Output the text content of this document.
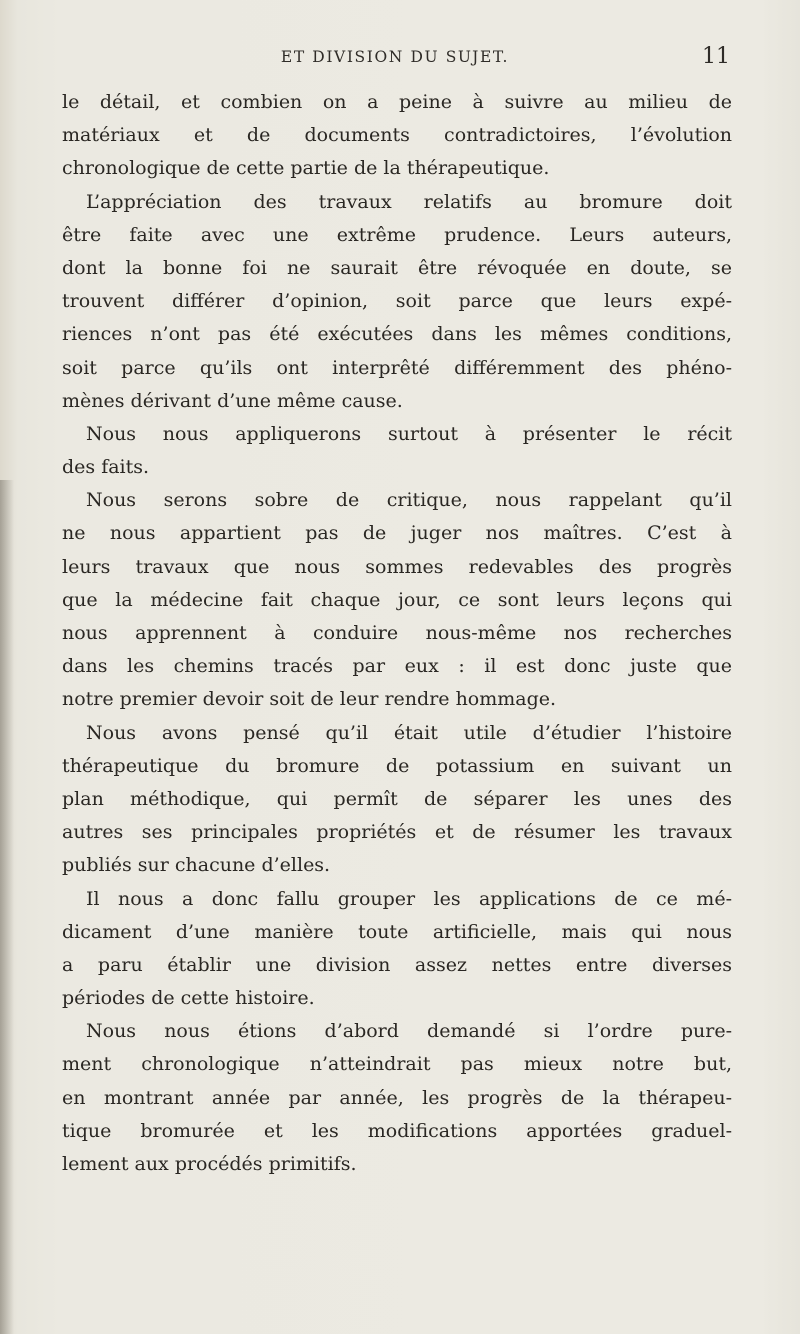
ET DIVISION DU SUJET.	11
le détail, et combien on a peine à suivre au milieu de
matériaux et de documents contradictoires, l’évolution
chronologique de cette partie de la thérapeutique.
L’appréciation des travaux relatifs au bromure doit
être faite avec une extrême prudence. Leurs auteurs,
dont la bonne foi ne saurait être révoquée en doute, se
trouvent différer d’opinion, soit parce que leurs expé-
riences n’ont pas été exécutées dans les mêmes conditions,
soit parce qu’ils ont interprêté différemment des phéno-
mènes dérivant d’une même cause.
Nous nous appliquerons surtout à présenter le récit
des faits.
Nous serons sobre de critique, nous rappelant qu’il
ne nous appartient pas de juger nos maîtres. C’est à
leurs travaux que nous sommes redevables des progrès
que la médecine fait chaque jour, ce sont leurs leçons qui
nous apprennent à conduire nous-même nos recherches
dans les chemins tracés par eux : il est donc juste que
notre premier devoir soit de leur rendre hommage.
Nous avons pensé qu’il était utile d’étudier l’histoire
thérapeutique du bromure de potassium en suivant un
plan méthodique, qui permît de séparer les unes des
autres ses principales propriétés et de résumer les travaux
publiés sur chacune d’elles.
Il nous a donc fallu grouper les applications de ce mé-
dicament d’une manière toute artificielle, mais qui nous
a paru établir une division assez nettes entre diverses
périodes de cette histoire.
Nous nous étions d’abord demandé si l’ordre pure-
ment chronologique n’atteindrait pas mieux notre but,
en montrant année par année, les progrès de la thérapeu-
tique bromurée et les modifications apportées graduel-
lement aux procédés primitifs.
